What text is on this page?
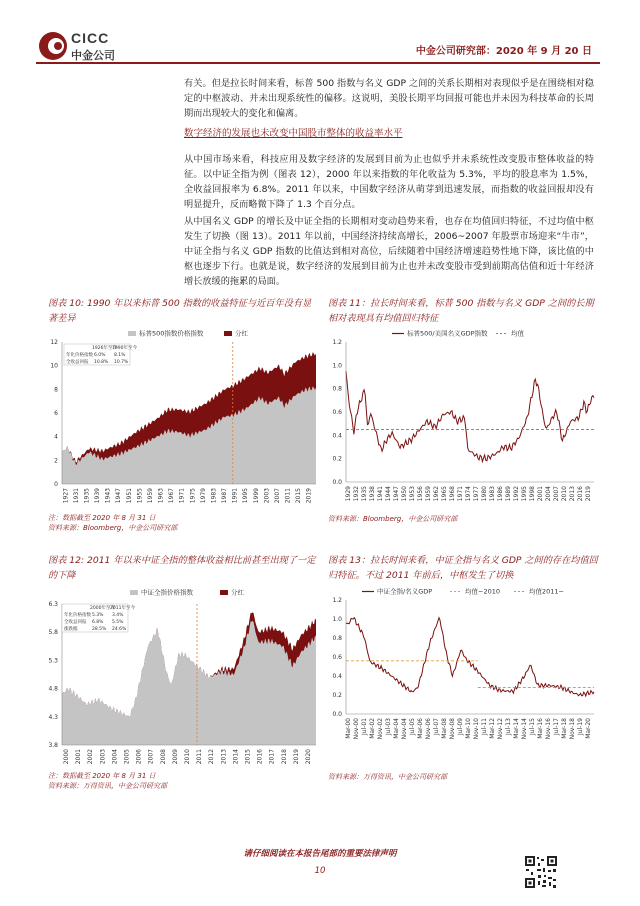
CICC
中金公司	中金公司研究部：2020 年 9 月 20 日

有关。但是拉长时间来看，标普 500 指数与名义 GDP 之间的关系长期相对表现似乎是在围绕相对稳定的中枢波动、并未出现系统性的偏移。这说明，美股长期平均回报可能也并未因为科技革命的长周期而出现较大的变化和偏离。

数字经济的发展也未改变中国股市整体的收益率水平

从中国市场来看，科技应用及数字经济的发展到目前为止也似乎并未系统性改变股市整体收益的特征。以中证全指为例（图表 12），2000 年以来指数的年化收益为 5.3%，平均的股息率为 1.5%，全收益回报率为 6.8%。2011 年以来，中国数字经济从萌芽到迅速发展，而指数的收益回报却没有明显提升，反而略微下降了 1.3 个百分点。

从中国名义 GDP 的增长及中证全指的长期相对变动趋势来看，也存在均值回归特征，不过均值中枢发生了切换（图 13）。2011 年以前，中国经济持续高增长，2006~2007 年股票市场迎来“牛市”，中证全指与名义 GDP 指数的比值达到相对高位，后续随着中国经济增速趋势性地下降，该比值的中枢也逐步下行。也就是说，数字经济的发展到目前为止也并未改变股市受到前期高估值和近十年经济增长放缓的拖累的局面。

图表 10: 1990 年以来标普 500 指数的收益特征与近百年没有显著差异
12
10
8
6
4
2
0
1927 1931 1935 1939 1943 1947 1951 1955 1959 1963 1967 1971 1975 1979 1983 1987 1991 1995 1999 2003 2007 2011 2015 2019
标普500指数价格指数	分红
1926年至今
1990年至今
年化价格指数 6.0% 8.1%
全收益回报 10.8% 10.7%
注：数据截至 2020 年 8 月 31 日
资料来源：Bloomberg，中金公司研究部
图表 11：拉长时间来看，标普 500 指数与名义 GDP 之间的长期相对表现具有均值回归特征
1.2
1.0
0.8
0.6
0.4
0.2
0.0
1929 1932 1935 1938 1941 1944 1947 1950 1953 1956 1959 1962 1965 1968 1971 1974 1977 1980 1983 1986 1989 1992 1995 1998 2001 2004 2007 2010 2013 2016 2019
标普500/美国名义GDP指数	均值
资料来源：Bloomberg，中金公司研究部
图表 12: 2011 年以来中证全指的整体收益相比前甚至出现了一定的下降
6.3
5.8
5.3
4.8
4.3
3.8
2000 2001 2002 2003 2004 2005 2006 2007 2008 2009 2010 2011 2012 2013 2014 2015 2016 2017 2018 2019 2020
中证全指价格指数	分红
2000年至今
2011年至今
年化价格指数 5.3% 3.4%
全收益回报 6.8% 5.5%
涨跌幅	28.5% 24.6%
注：数据截至 2020 年 8 月 31 日
资料来源：万得资讯，中金公司研究部
图表 13：拉长时间来看，中证全指与名义 GDP 之间的存在均值回归特征。不过 2011 年前后，中枢发生了切换
1.2
1.0
0.8
0.6
0.4
0.2
0.0
Mar-00 Nov-00 Jul-01 Mar-02 Nov-02 Jul-03 Mar-04 Nov-04 Jul-05 Mar-06 Nov-06 Jul-07 Mar-08 Nov-08 Jul-09 Mar-10 Nov-10 Jul-11 Mar-12 Nov-12 Jul-13 Mar-14 Nov-14 Jul-15 Mar-16 Nov-16 Jul-17 Mar-18 Nov-18 Jul-19 Mar-20
中证全指/名义GDP	均值~2010	均值2011~
资料来源：万得资讯，中金公司研究部
请仔细阅读在本报告尾部的重要法律声明
10
